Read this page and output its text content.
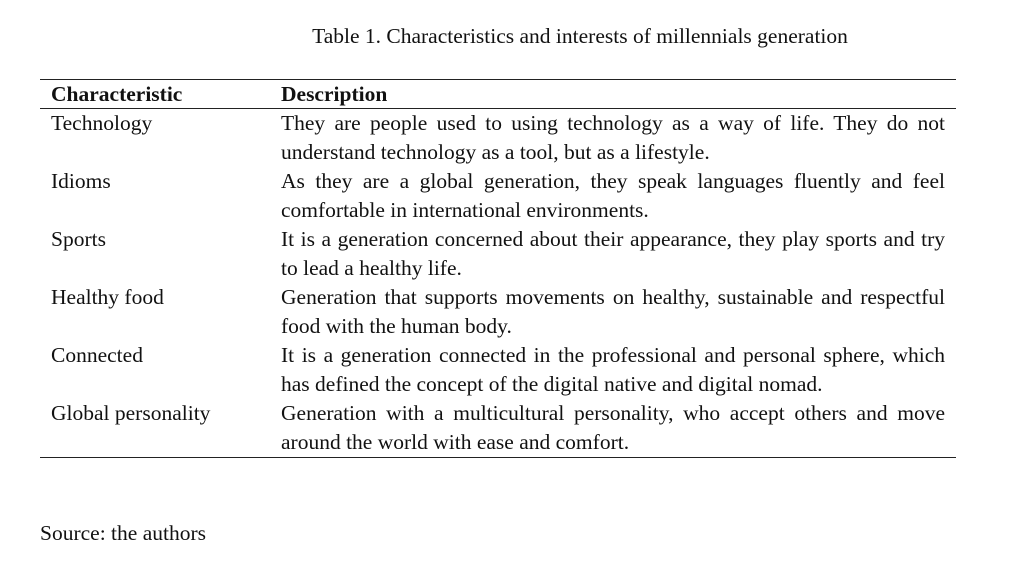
Table 1. Characteristics and interests of millennials generation
Characteristic	Description
Technology	They are people used to using technology as a way of life. They do not understand technology as a tool, but as a lifestyle.
Idioms	As they are a global generation, they speak languages fluently and feel comfortable in international environments.
Sports	It is a generation concerned about their appearance, they play sports and try to lead a healthy life.
Healthy food	Generation that supports movements on healthy, sustainable and respectful food with the human body.
Connected	It is a generation connected in the professional and personal sphere, which has defined the concept of the digital native and digital nomad.
Global personality	Generation with a multicultural personality, who accept others and move around the world with ease and comfort.
Source: the authors
